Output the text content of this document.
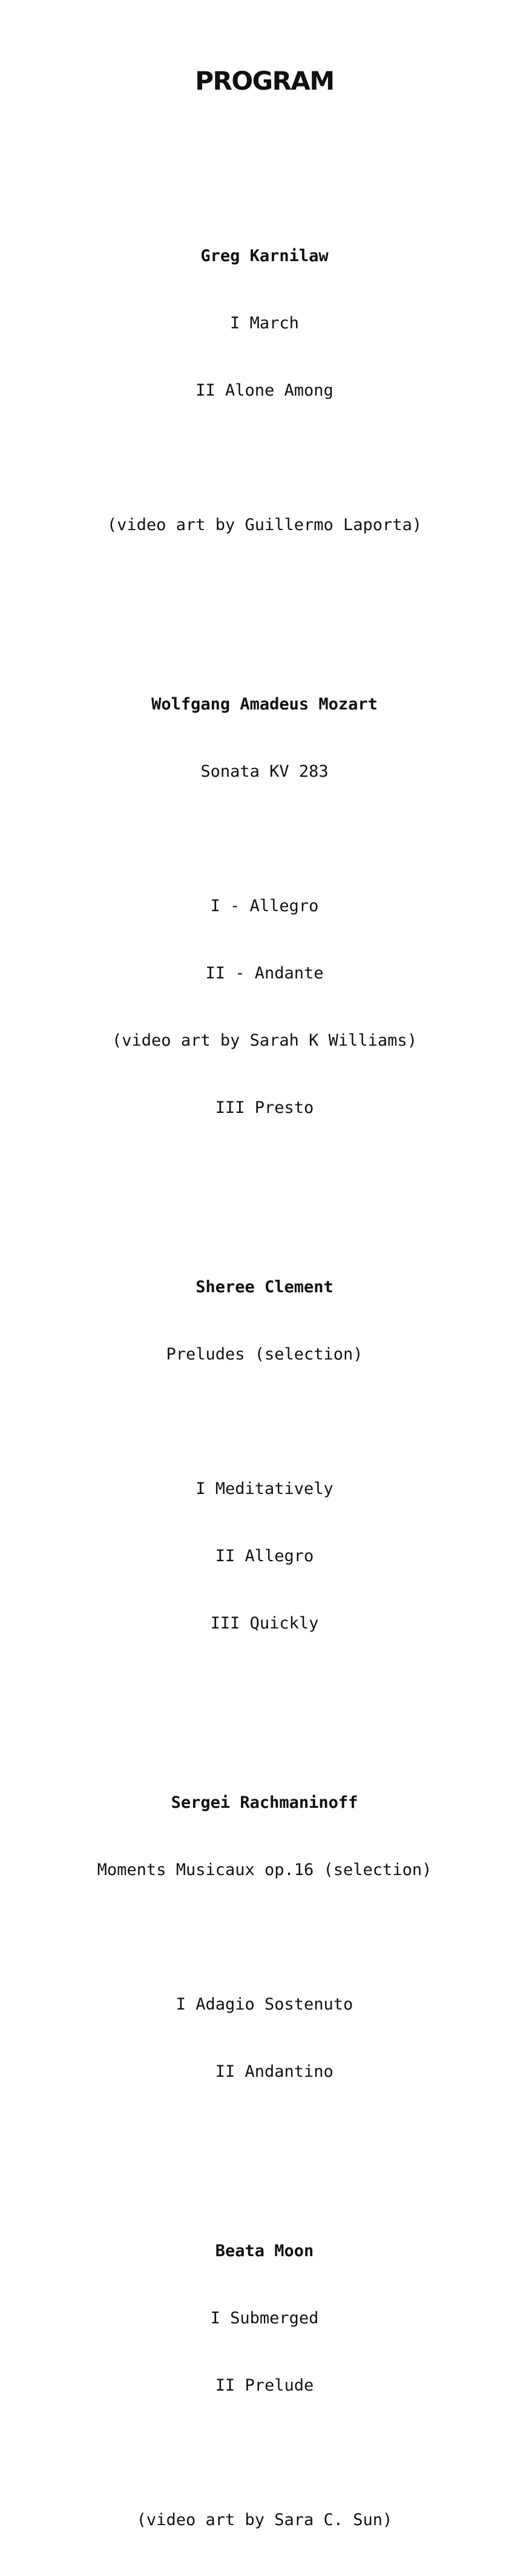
PROGRAM

Greg Karnilaw

I March

II Alone Among

(video art by Guillermo Laporta)

Wolfgang Amadeus Mozart

Sonata KV 283

I - Allegro

II - Andante

(video art by Sarah K Williams)

III Presto

Sheree Clement

Preludes (selection)

I Meditatively

II Allegro

III Quickly

Sergei Rachmaninoff

Moments Musicaux op.16 (selection)

I Adagio Sostenuto

II Andantino

Beata Moon

I Submerged

II Prelude

(video art by Sara C. Sun)
